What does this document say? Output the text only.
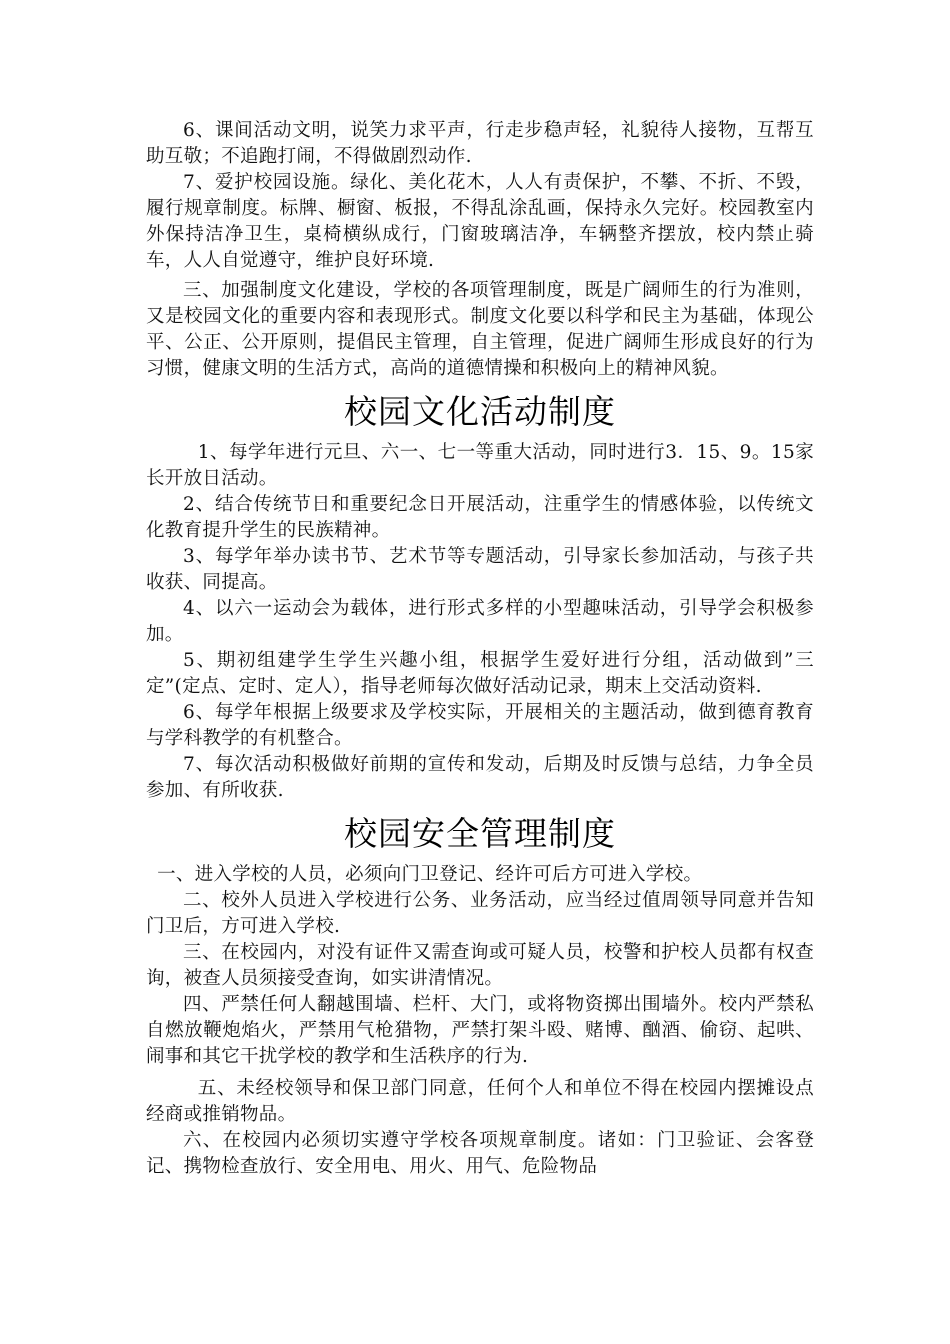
6、课间活动文明，说笑力求平声，行走步稳声轻，礼貌待人接物，互帮互助互敬；不追跑打闹，不得做剧烈动作.

7、爱护校园设施。绿化、美化花木，人人有责保护，不攀、不折、不毁，履行规章制度。标牌、橱窗、板报，不得乱涂乱画，保持永久完好。校园教室内外保持洁净卫生，桌椅横纵成行，门窗玻璃洁净，车辆整齐摆放，校内禁止骑车，人人自觉遵守，维护良好环境.

三、加强制度文化建设，学校的各项管理制度，既是广阔师生的行为准则，又是校园文化的重要内容和表现形式。制度文化要以科学和民主为基础，体现公平、公正、公开原则，提倡民主管理，自主管理，促进广阔师生形成良好的行为习惯，健康文明的生活方式，高尚的道德情操和积极向上的精神风貌。

校园文化活动制度

1、每学年进行元旦、六一、七一等重大活动，同时进行3．15、9。15家长开放日活动。

2、结合传统节日和重要纪念日开展活动，注重学生的情感体验，以传统文化教育提升学生的民族精神。

3、每学年举办读书节、艺术节等专题活动，引导家长参加活动，与孩子共收获、同提高。

4、以六一运动会为载体，进行形式多样的小型趣味活动，引导学会积极参加。

5、期初组建学生学生兴趣小组，根据学生爱好进行分组，活动做到”三定”(定点、定时、定人），指导老师每次做好活动记录，期末上交活动资料.

6、每学年根据上级要求及学校实际，开展相关的主题活动，做到德育教育与学科教学的有机整合。

7、每次活动积极做好前期的宣传和发动，后期及时反馈与总结，力争全员参加、有所收获.

校园安全管理制度

一、进入学校的人员，必须向门卫登记、经许可后方可进入学校。

二、校外人员进入学校进行公务、业务活动，应当经过值周领导同意并告知门卫后，方可进入学校.

三、在校园内，对没有证件又需查询或可疑人员，校警和护校人员都有权查询，被查人员须接受查询，如实讲清情况。

四、严禁任何人翻越围墙、栏杆、大门，或将物资掷出围墙外。校内严禁私自燃放鞭炮焰火，严禁用气枪猎物，严禁打架斗殴、赌博、酗酒、偷窃、起哄、闹事和其它干扰学校的教学和生活秩序的行为.

五、未经校领导和保卫部门同意，任何个人和单位不得在校园内摆摊设点经商或推销物品。

六、在校园内必须切实遵守学校各项规章制度。诸如：门卫验证、会客登记、携物检查放行、安全用电、用火、用气、危险物品
